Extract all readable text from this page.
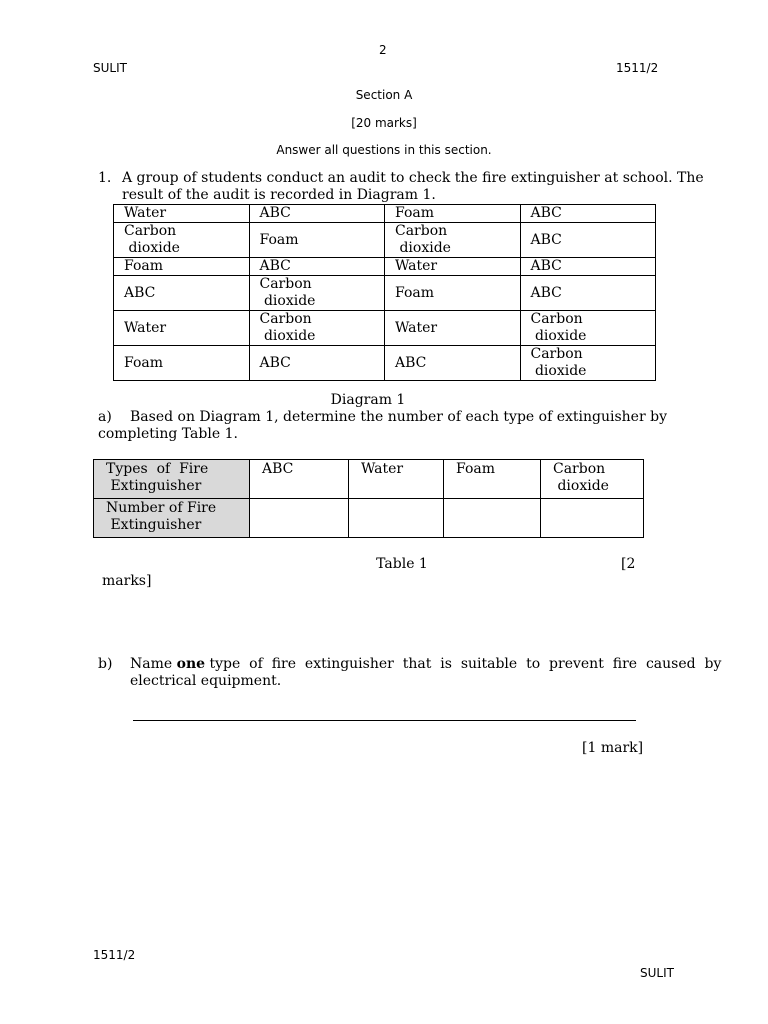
2
SULIT	1511/2
Section A
[20 marks]
Answer all questions in this section.
1. A group of students conduct an audit to check the fire extinguisher at school. The
result of the audit is recorded in Diagram 1.
Water	ABC	Foam	ABC
Carbon
dioxide	Foam	Carbon
dioxide	ABC
Foam	ABC	Water	ABC
ABC	Carbon
dioxide	Foam	ABC
Water	Carbon
dioxide	Water	Carbon
dioxide
Foam	ABC	ABC	Carbon
dioxide
Diagram 1
a) Based on Diagram 1, determine the number of each type of extinguisher by
completing Table 1.
Types  of  Fire
Extinguisher	ABC	Water	Foam	Carbon
dioxide
Number of Fire
Extinguisher				
Table 1	[2
marks]
b) Name one type  of  fire  extinguisher  that  is  suitable  to  prevent  fire  caused  by
electrical equipment.
[1 mark]
1511/2
SULIT
